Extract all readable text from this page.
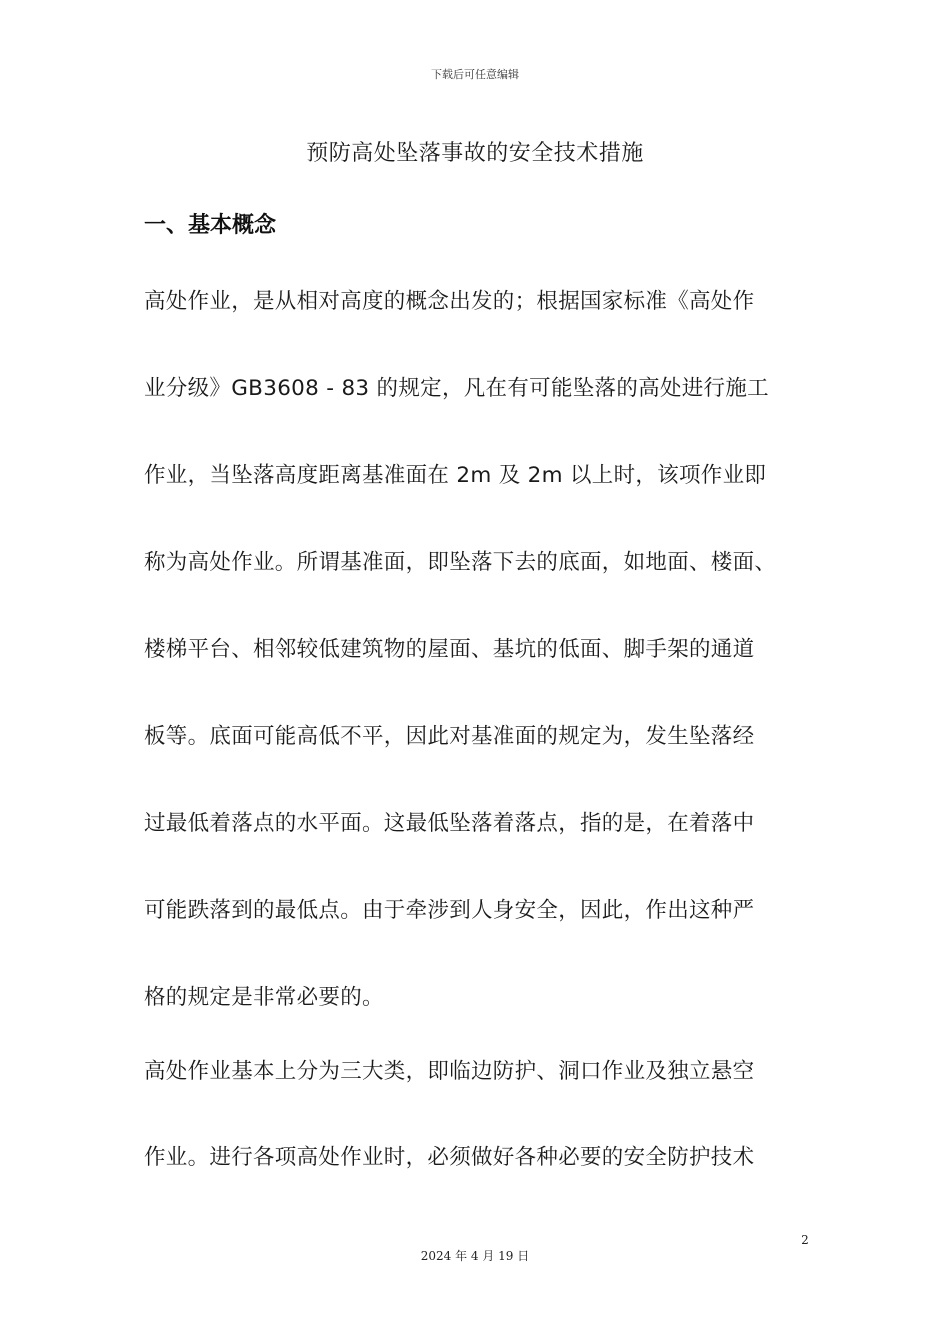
下载后可任意编辑
预防高处坠落事故的安全技术措施
一、基本概念
高处作业，是从相对高度的概念出发的；根据国家标准《高处作
业分级》GB3608 - 83 的规定，凡在有可能坠落的高处进行施工
作业，当坠落高度距离基准面在 2m 及 2m 以上时，该项作业即
称为高处作业。所谓基准面，即坠落下去的底面，如地面、楼面、
楼梯平台、相邻较低建筑物的屋面、基坑的低面、脚手架的通道
板等。底面可能高低不平，因此对基准面的规定为，发生坠落经
过最低着落点的水平面。这最低坠落着落点，指的是，在着落中
可能跌落到的最低点。由于牵涉到人身安全，因此，作出这种严
格的规定是非常必要的。
高处作业基本上分为三大类，即临边防护、洞口作业及独立悬空
作业。进行各项高处作业时，必须做好各种必要的安全防护技术
2
2024 年 4 月 19 日
